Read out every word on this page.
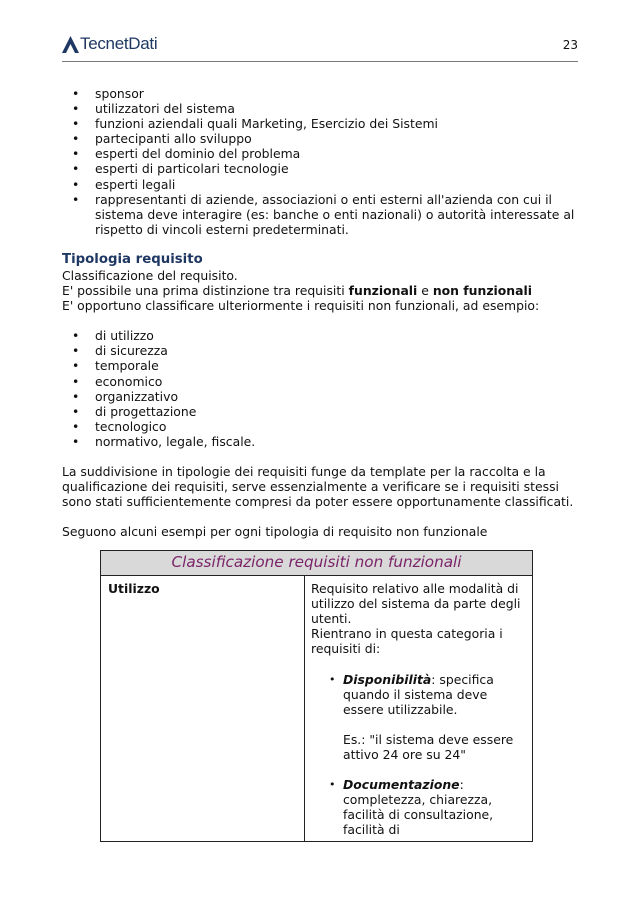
TecnetDati	23
• sponsor
• utilizzatori del sistema
• funzioni aziendali quali Marketing, Esercizio dei Sistemi
• partecipanti allo sviluppo
• esperti del dominio del problema
• esperti di particolari tecnologie
• esperti legali
• rappresentanti di aziende, associazioni o enti esterni all'azienda con cui il sistema deve interagire (es: banche o enti nazionali) o autorità interessate al rispetto di vincoli esterni predeterminati.
Tipologia requisito

Classificazione del requisito.

E' possibile una prima distinzione tra requisiti funzionali e non funzionali

E' opportuno classificare ulteriormente i requisiti non funzionali, ad esempio:

• di utilizzo
• di sicurezza
• temporale
• economico
• organizzativo
• di progettazione
• tecnologico
• normativo, legale, fiscale.

La suddivisione in tipologie dei requisiti funge da template per la raccolta e la qualificazione dei requisiti, serve essenzialmente a verificare se i requisiti stessi sono stati sufficientemente compresi da poter essere opportunamente classificati.

Seguono alcuni esempi per ogni tipologia di requisito non funzionale

Classificazione requisiti non funzionali
Utilizzo	Requisito relativo alle modalità di utilizzo del sistema da parte degli utenti.
Rientrano in questa categoria i requisiti di:
• Disponibilità: specifica quando il sistema deve essere utilizzabile.
Es.: "il sistema deve essere attivo 24 ore su 24"
• Documentazione: completezza, chiarezza, facilità di consultazione, facilità di
